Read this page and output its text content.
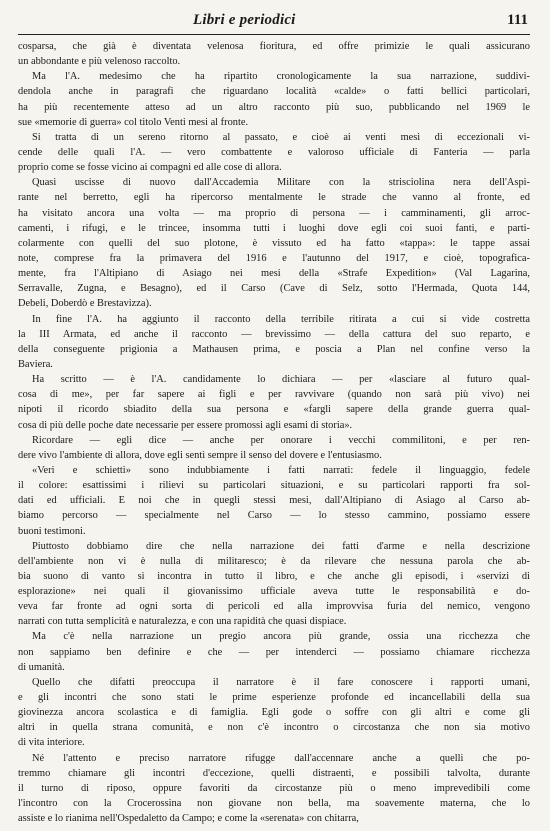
Libri e periodici	111
cosparsa, che già è diventata velenosa fioritura, ed offre primizie le quali assicurano
un abbondante e più velenoso raccolto.
Ma l'A. medesimo che ha ripartito cronologicamente la sua narrazione, suddivi-
dendola anche in paragrafi che riguardano località «calde» o fatti bellici particolari,
ha più recentemente atteso ad un altro racconto più suo, pubblicando nel 1969 le
sue «memorie di guerra» col titolo Venti mesi al fronte.
Si tratta di un sereno ritorno al passato, e cioè ai venti mesi di eccezionali vi-
cende delle quali l'A. — vero combattente e valoroso ufficiale di Fanteria — parla
proprio come se fosse vicino ai compagni ed alle cose di allora.
Quasi uscisse di nuovo dall'Accademia Militare con la strisciolina nera dell'Aspi-
rante nel berretto, egli ha ripercorso mentalmente le strade che vanno al fronte, ed
ha visitato ancora una volta — ma proprio di persona — i camminamenti, gli arroc-
camenti, i rifugi, e le trincee, insomma tutti i luoghi dove egli coi suoi fanti, e parti-
colarmente con quelli del suo plotone, è vissuto ed ha fatto «tappa»: le tappe assai
note, comprese fra la primavera del 1916 e l'autunno del 1917, e cioè, topografica-
mente, fra l'Altipiano di Asiago nei mesi della «Strafe Expedition» (Val Lagarina,
Serravalle, Zugna, e Besagno), ed il Carso (Cave di Selz, sotto l'Hermada, Quota 144,
Debeli, Doberdò e Brestavizza).
In fine l'A. ha aggiunto il racconto della terribile ritirata a cui si vide costretta
la III Armata, ed anche il racconto — brevissimo — della cattura del suo reparto, e
della conseguente prigionia a Mathausen prima, e poscia a Plan nel confine verso la
Baviera.
Ha scritto — è l'A. candidamente lo dichiara — per «lasciare al futuro qual-
cosa di me», per far sapere ai figli e per ravvivare (quando non sarà più vivo) nei
nipoti il ricordo sbiadito della sua persona e «fargli sapere della grande guerra qual-
cosa di più delle poche date necessarie per essere promossi agli esami di storia».
Ricordare — egli dice — anche per onorare i vecchi commilitoni, e per ren-
dere vivo l'ambiente di allora, dove egli sentì sempre il senso del dovere e l'entusiasmo.
«Veri e schietti» sono indubbiamente i fatti narrati: fedele il linguaggio, fedele
il colore: esattissimi i rilievi su particolari situazioni, e su particolari rapporti fra sol-
dati ed ufficiali. E noi che in quegli stessi mesi, dall'Altipiano di Asiago al Carso ab-
biamo percorso — specialmente nel Carso — lo stesso cammino, possiamo essere
buoni testimoni.
Piuttosto dobbiamo dire che nella narrazione dei fatti d'arme e nella descrizione
dell'ambiente non vi è nulla di militaresco; è da rilevare che nessuna parola che ab-
bia suono di vanto si incontra in tutto il libro, e che anche gli episodi, i «servizi di
esplorazione» nei quali il giovanissimo ufficiale aveva tutte le responsabilità e do-
veva far fronte ad ogni sorta di pericoli ed alla improvvisa furia del nemico, vengono
narrati con tutta semplicità e naturalezza, e con una rapidità che quasi dispiace.
Ma c'è nella narrazione un pregio ancora più grande, ossia una ricchezza che
non sappiamo ben definire e che — per intenderci — possiamo chiamare ricchezza
di umanità.
Quello che difatti preoccupa il narratore è il fare conoscere i rapporti umani,
e gli incontri che sono stati le prime esperienze profonde ed incancellabili della sua
giovinezza ancora scolastica e di famiglia. Egli gode o soffre con gli altri e come gli
altri in quella strana comunità, e non c'è incontro o circostanza che non sia motivo
di vita interiore.
Né l'attento e preciso narratore rifugge dall'accennare anche a quelli che po-
tremmo chiamare gli incontri d'eccezione, quelli distraenti, e possibili talvolta, durante
il turno di riposo, oppure favoriti da circostanze più o meno imprevedibili come
l'incontro con la Crocerossina non giovane non bella, ma soavemente materna, che lo
assiste e lo rianima nell'Ospedaletto da Campo; e come la «serenata» con chitarra,
